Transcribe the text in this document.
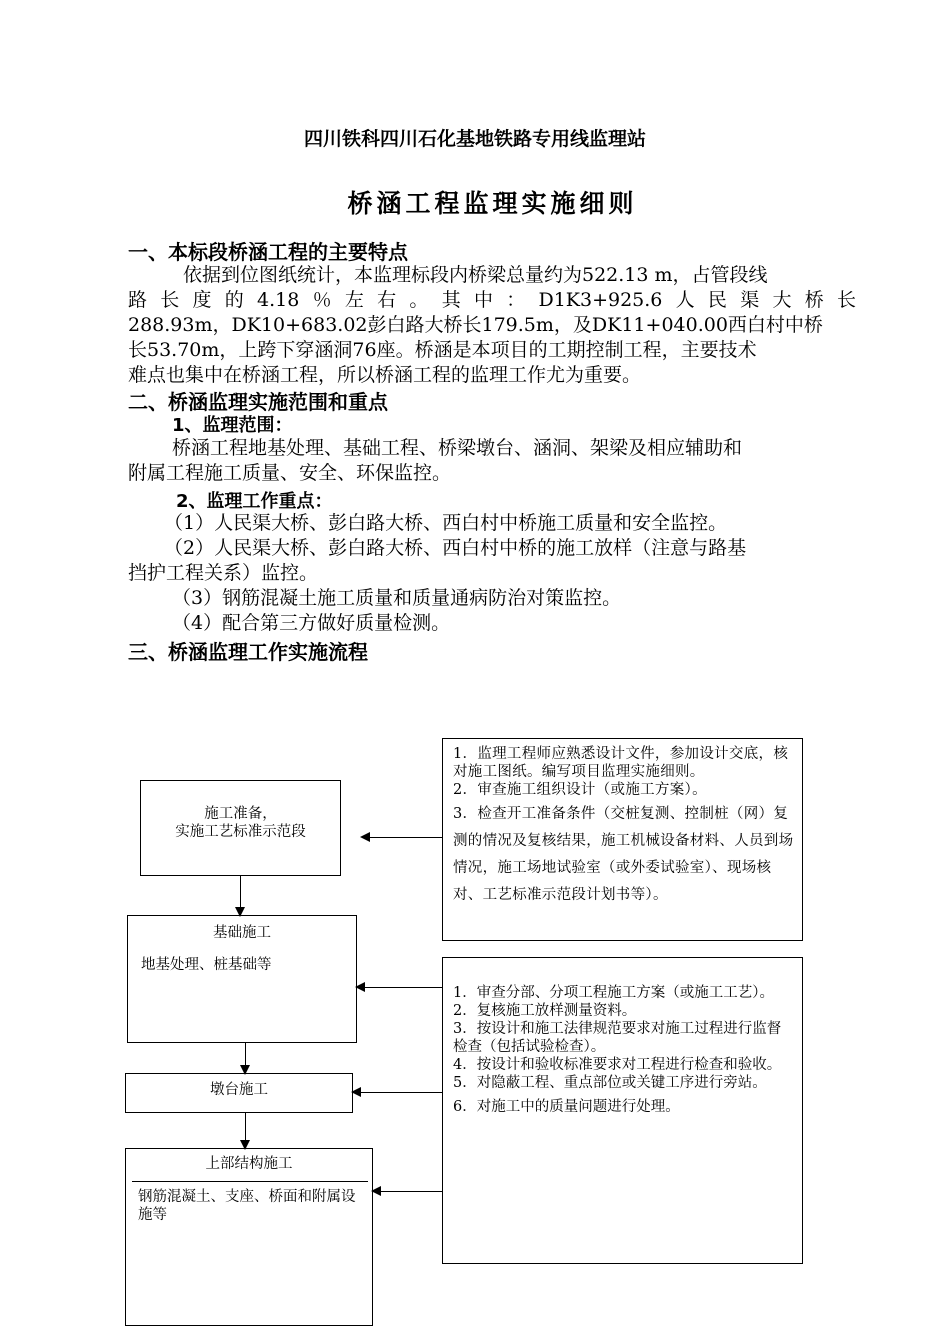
四川铁科四川石化基地铁路专用线监理站
桥涵工程监理实施细则
一、本标段桥涵工程的主要特点
依据到位图纸统计，本监理标段内桥梁总量约为522.13 m，占管段线
路长度的4.18％左右。其中：D1K3+925.6人民渠大桥长
288.93m，DK10+683.02彭白路大桥长179.5m，及DK11+040.00西白村中桥
长53.70m，上跨下穿涵洞76座。桥涵是本项目的工期控制工程，主要技术
难点也集中在桥涵工程，所以桥涵工程的监理工作尤为重要。
二、桥涵监理实施范围和重点
1、监理范围：
桥涵工程地基处理、基础工程、桥梁墩台、涵洞、架梁及相应辅助和
附属工程施工质量、安全、环保监控。
2、监理工作重点：
（1）人民渠大桥、彭白路大桥、西白村中桥施工质量和安全监控。
（2）人民渠大桥、彭白路大桥、西白村中桥的施工放样（注意与路基
挡护工程关系）监控。
（3）钢筋混凝土施工质量和质量通病防治对策监控。
（4）配合第三方做好质量检测。
三、桥涵监理工作实施流程
施工准备，
实施工艺标准示范段
基础施工
地基处理、桩基础等
墩台施工
上部结构施工
钢筋混凝土、支座、桥面和附属设施等
1．监理工程师应熟悉设计文件，参加设计交底，核对施工图纸。编写项目监理实施细则。
2．审查施工组织设计（或施工方案）。
3．检查开工准备条件（交桩复测、控制桩（网）复测的情况及复核结果，施工机械设备材料、人员到场情况，施工场地试验室（或外委试验室）、现场核对、工艺标准示范段计划书等）。
1．审查分部、分项工程施工方案（或施工工艺）。
2．复核施工放样测量资料。
3．按设计和施工法律规范要求对施工过程进行监督检查（包括试验检查）。
4．按设计和验收标准要求对工程进行检查和验收。
5．对隐蔽工程、重点部位或关键工序进行旁站。
6．对施工中的质量问题进行处理。
